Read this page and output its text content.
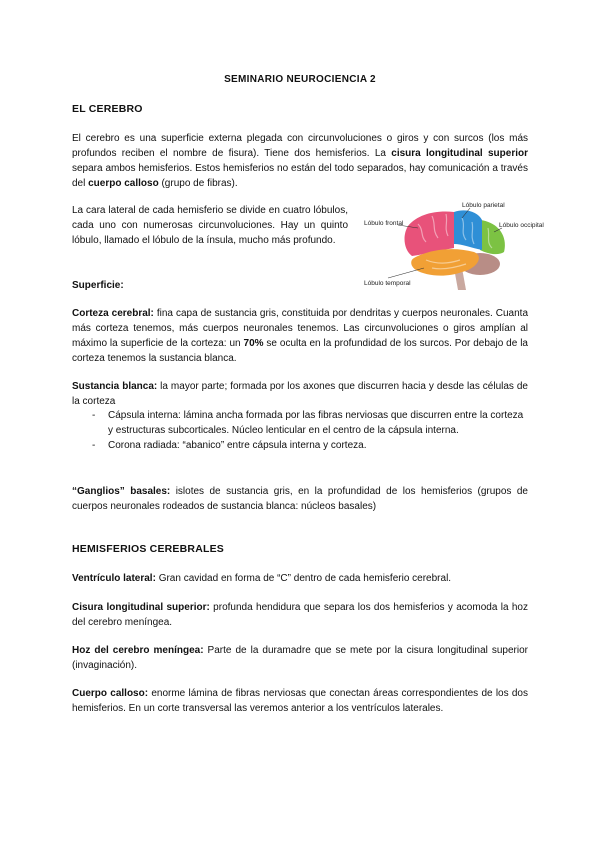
SEMINARIO NEUROCIENCIA 2
EL CEREBRO

El cerebro es una superficie externa plegada con circunvoluciones o giros y con surcos (los más profundos reciben el nombre de fisura). Tiene dos hemisferios. La cisura longitudinal superior separa ambos hemisferios. Estos hemisferios no están del todo separados, hay comunicación a través del cuerpo calloso (grupo de fibras).

La cara lateral de cada hemisferio se divide en cuatro lóbulos, cada uno con numerosas circunvoluciones. Hay un quinto lóbulo, llamado el lóbulo de la ínsula, mucho más profundo.

Lóbulo frontal
Lóbulo parietal
Lóbulo occipital
Lóbulo temporal
Superficie:

Corteza cerebral: fina capa de sustancia gris, constituida por dendritas y cuerpos neuronales. Cuanta más corteza tenemos, más cuerpos neuronales tenemos. Las circunvoluciones o giros amplían al máximo la superficie de la corteza: un 70% se oculta en la profundidad de los surcos. Por debajo de la corteza tenemos la sustancia blanca.

Sustancia blanca: la mayor parte; formada por los axones que discurren hacia y desde las células de la corteza

- Cápsula interna: lámina ancha formada por las fibras nerviosas que discurren entre la corteza y estructuras subcorticales. Núcleo lenticular en el centro de la cápsula interna.
- Corona radiada: “abanico” entre cápsula interna y corteza.

“Ganglios” basales: islotes de sustancia gris, en la profundidad de los hemisferios (grupos de cuerpos neuronales rodeados de sustancia blanca: núcleos basales)

HEMISFERIOS CEREBRALES

Ventrículo lateral: Gran cavidad en forma de “C” dentro de cada hemisferio cerebral.

Cisura longitudinal superior: profunda hendidura que separa los dos hemisferios y acomoda la hoz del cerebro meníngea.

Hoz del cerebro meníngea: Parte de la duramadre que se mete por la cisura longitudinal superior (invaginación).

Cuerpo calloso: enorme lámina de fibras nerviosas que conectan áreas correspondientes de los dos hemisferios. En un corte transversal las veremos anterior a los ventrículos laterales.
